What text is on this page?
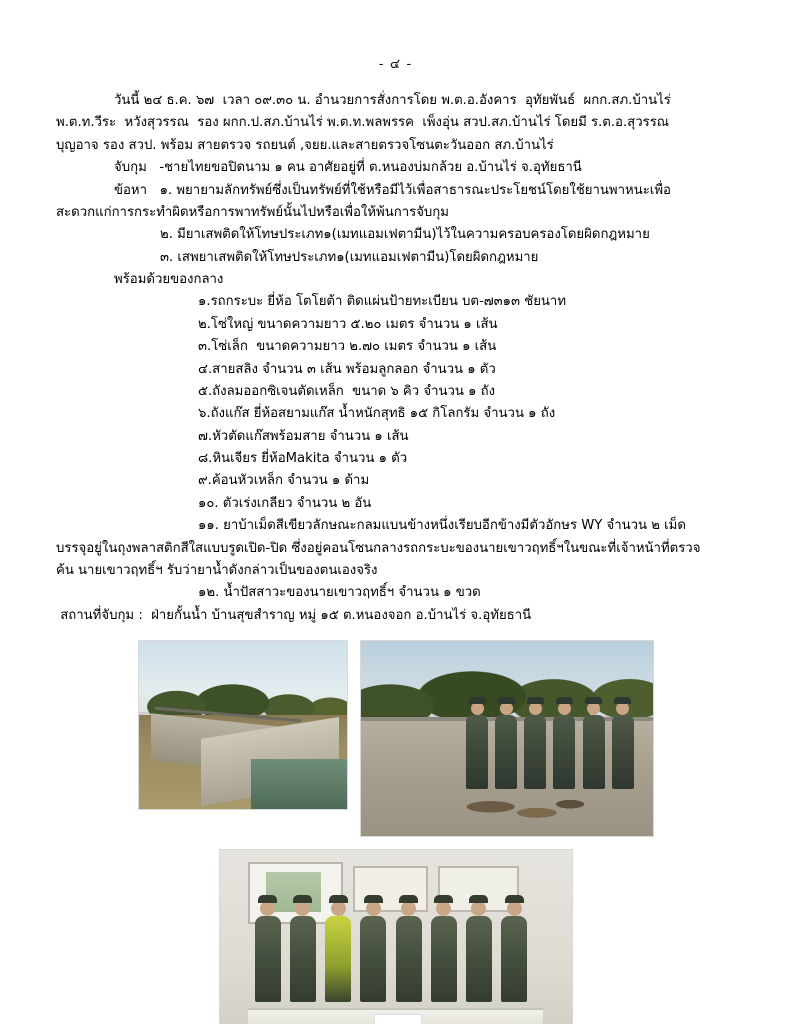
- ๔ -

วันนี้ ๒๔ ธ.ค. ๖๗  เวลา ๐๙.๓๐ น. อำนวยการสั่งการโดย พ.ต.อ.อังคาร  อุทัยพันธ์  ผกก.สภ.บ้านไร่

พ.ต.ท.วีระ  หวังสุวรรณ  รอง ผกก.ป.สภ.บ้านไร่ พ.ต.ท.พลพรรค  เพ็งอุ่น สวป.สภ.บ้านไร่ โดยมี ร.ต.อ.สุวรรณ

บุญอาจ รอง สวป. พร้อม สายตรวจ รถยนต์ ,จยย.และสายตรวจโซนตะวันออก สภ.บ้านไร่

จับกุม   -ชายไทยขอปิดนาม ๑ คน อาศัยอยู่ที่ ต.หนองบ่มกล้วย อ.บ้านไร่ จ.อุทัยธานี

ข้อหา   ๑. พยายามลักทรัพย์ซึ่งเป็นทรัพย์ที่ใช้หรือมีไว้เพื่อสาธารณะประโยชน์โดยใช้ยานพาหนะเพื่อ

สะดวกแก่การกระทำผิดหรือการพาทรัพย์นั้นไปหรือเพื่อให้พ้นการจับกุม

๒. มียาเสพติดให้โทษประเภท๑(เมทแอมเฟตามีน)ไว้ในความครอบครองโดยผิดกฎหมาย

๓. เสพยาเสพติดให้โทษประเภท๑(เมทแอมเฟตามีน)โดยผิดกฎหมาย

พร้อมด้วยของกลาง

๑.รถกระบะ ยี่ห้อ โตโยต้า ติดแผ่นป้ายทะเบียน บต-๗๓๑๓ ชัยนาท

๒.โซ่ใหญ่ ขนาดความยาว ๕.๒๐ เมตร จำนวน ๑ เส้น

๓.โซ่เล็ก  ขนาดความยาว ๒.๗๐ เมตร จำนวน ๑ เส้น

๔.สายสลิง จำนวน ๓ เส้น พร้อมลูกลอก จำนวน ๑ ตัว

๕.ถังลมออกซิเจนตัดเหล็ก  ขนาด ๖ คิว จำนวน ๑ ถัง

๖.ถังแก๊ส ยี่ห้อสยามแก๊ส น้ำหนักสุทธิ ๑๕ กิโลกรัม จำนวน ๑ ถัง

๗.หัวตัดแก๊สพร้อมสาย จำนวน ๑ เส้น

๘.หินเจียร ยี่ห้อMakita จำนวน ๑ ตัว

๙.ค้อนหัวเหล็ก จำนวน ๑ ด้าม

๑๐. ตัวเร่งเกลียว จำนวน ๒ อัน

๑๑. ยาบ้าเม็ดสีเขียวลักษณะกลมแบนข้างหนึ่งเรียบอีกข้างมีตัวอักษร WY จำนวน ๒ เม็ด

บรรจุอยู่ในถุงพลาสติกสีใสแบบรูดเปิด-ปิด ซึ่งอยู่คอนโซนกลางรถกระบะของนายเขาวฤทธิ์ฯในขณะที่เจ้าหน้าที่ตรวจ

ค้น นายเขาวฤทธิ์ฯ รับว่ายาน้ำดังกล่าวเป็นของตนเองจริง

๑๒. น้ำปัสสาวะของนายเขาวฤทธิ์ฯ จำนวน ๑ ขวด

สถานที่จับกุม :  ฝ่ายกั้นน้ำ บ้านสุขสำราญ หมู่ ๑๕ ต.หนองจอก อ.บ้านไร่ จ.อุทัยธานี
